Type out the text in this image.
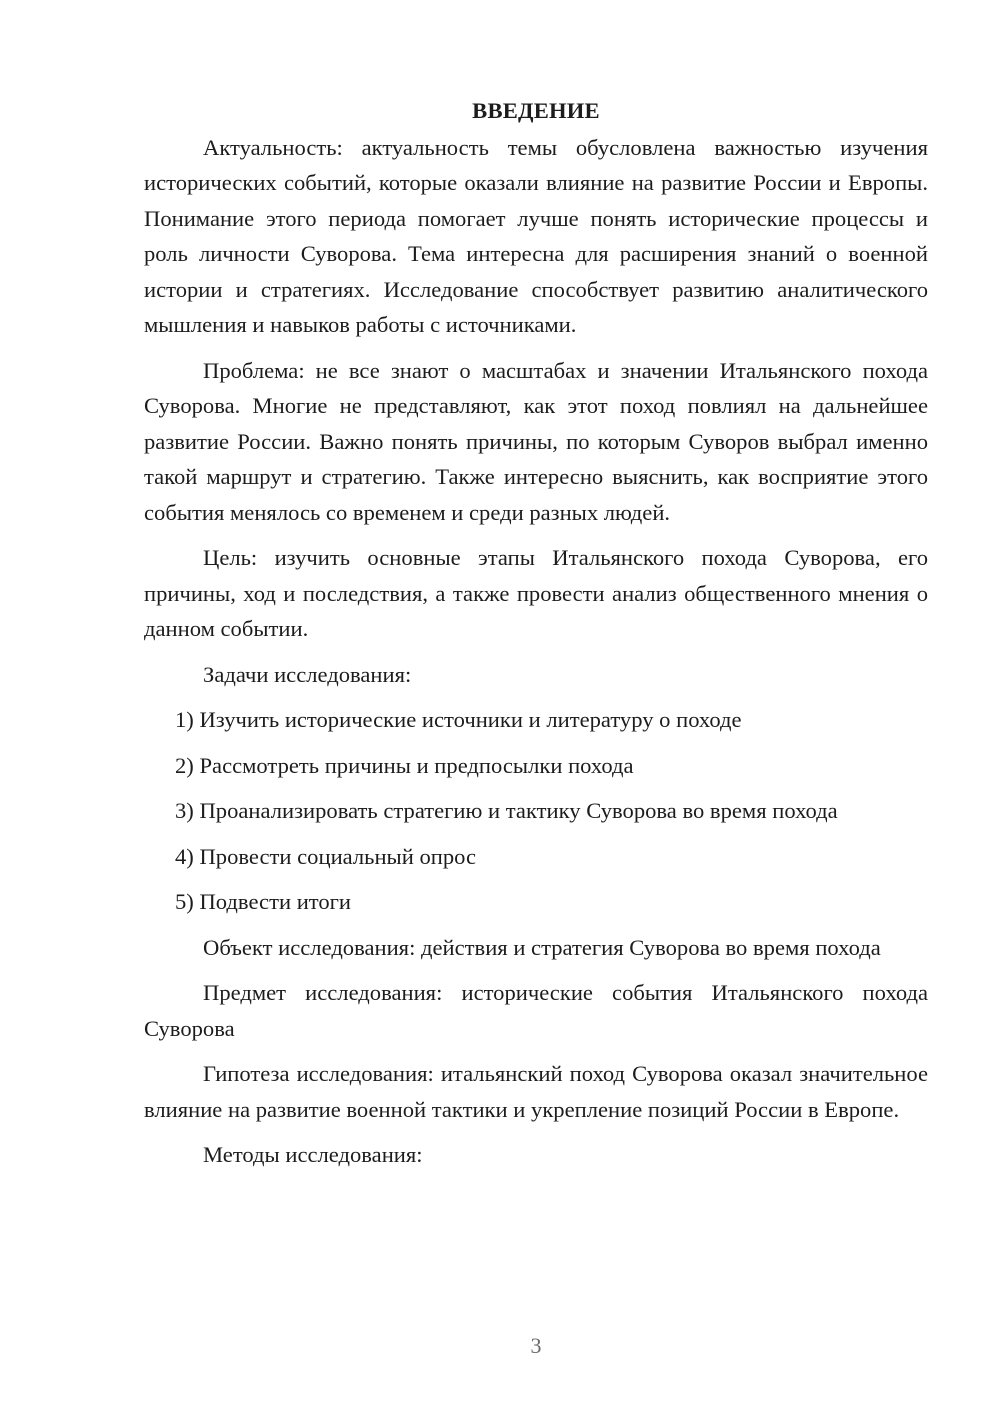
ВВЕДЕНИЕ

Актуальность: актуальность темы обусловлена важностью изучения исторических событий, которые оказали влияние на развитие России и Европы. Понимание этого периода помогает лучше понять исторические процессы и роль личности Суворова. Тема интересна для расширения знаний о военной истории и стратегиях. Исследование способствует развитию аналитического мышления и навыков работы с источниками.

Проблема: не все знают о масштабах и значении Итальянского похода Суворова. Многие не представляют, как этот поход повлиял на дальнейшее развитие России. Важно понять причины, по которым Суворов выбрал именно такой маршрут и стратегию. Также интересно выяснить, как восприятие этого события менялось со временем и среди разных людей.

Цель: изучить основные этапы Итальянского похода Суворова, его причины, ход и последствия, а также провести анализ общественного мнения о данном событии.

Задачи исследования:

1) Изучить исторические источники и литературу о походе
2) Рассмотреть причины и предпосылки похода
3) Проанализировать стратегию и тактику Суворова во время похода
4) Провести социальный опрос
5) Подвести итоги

Объект исследования: действия и стратегия Суворова во время похода

Предмет исследования: исторические события Итальянского похода Суворова

Гипотеза исследования: итальянский поход Суворова оказал значительное влияние на развитие военной тактики и укрепление позиций России в Европе.

Методы исследования:

3
